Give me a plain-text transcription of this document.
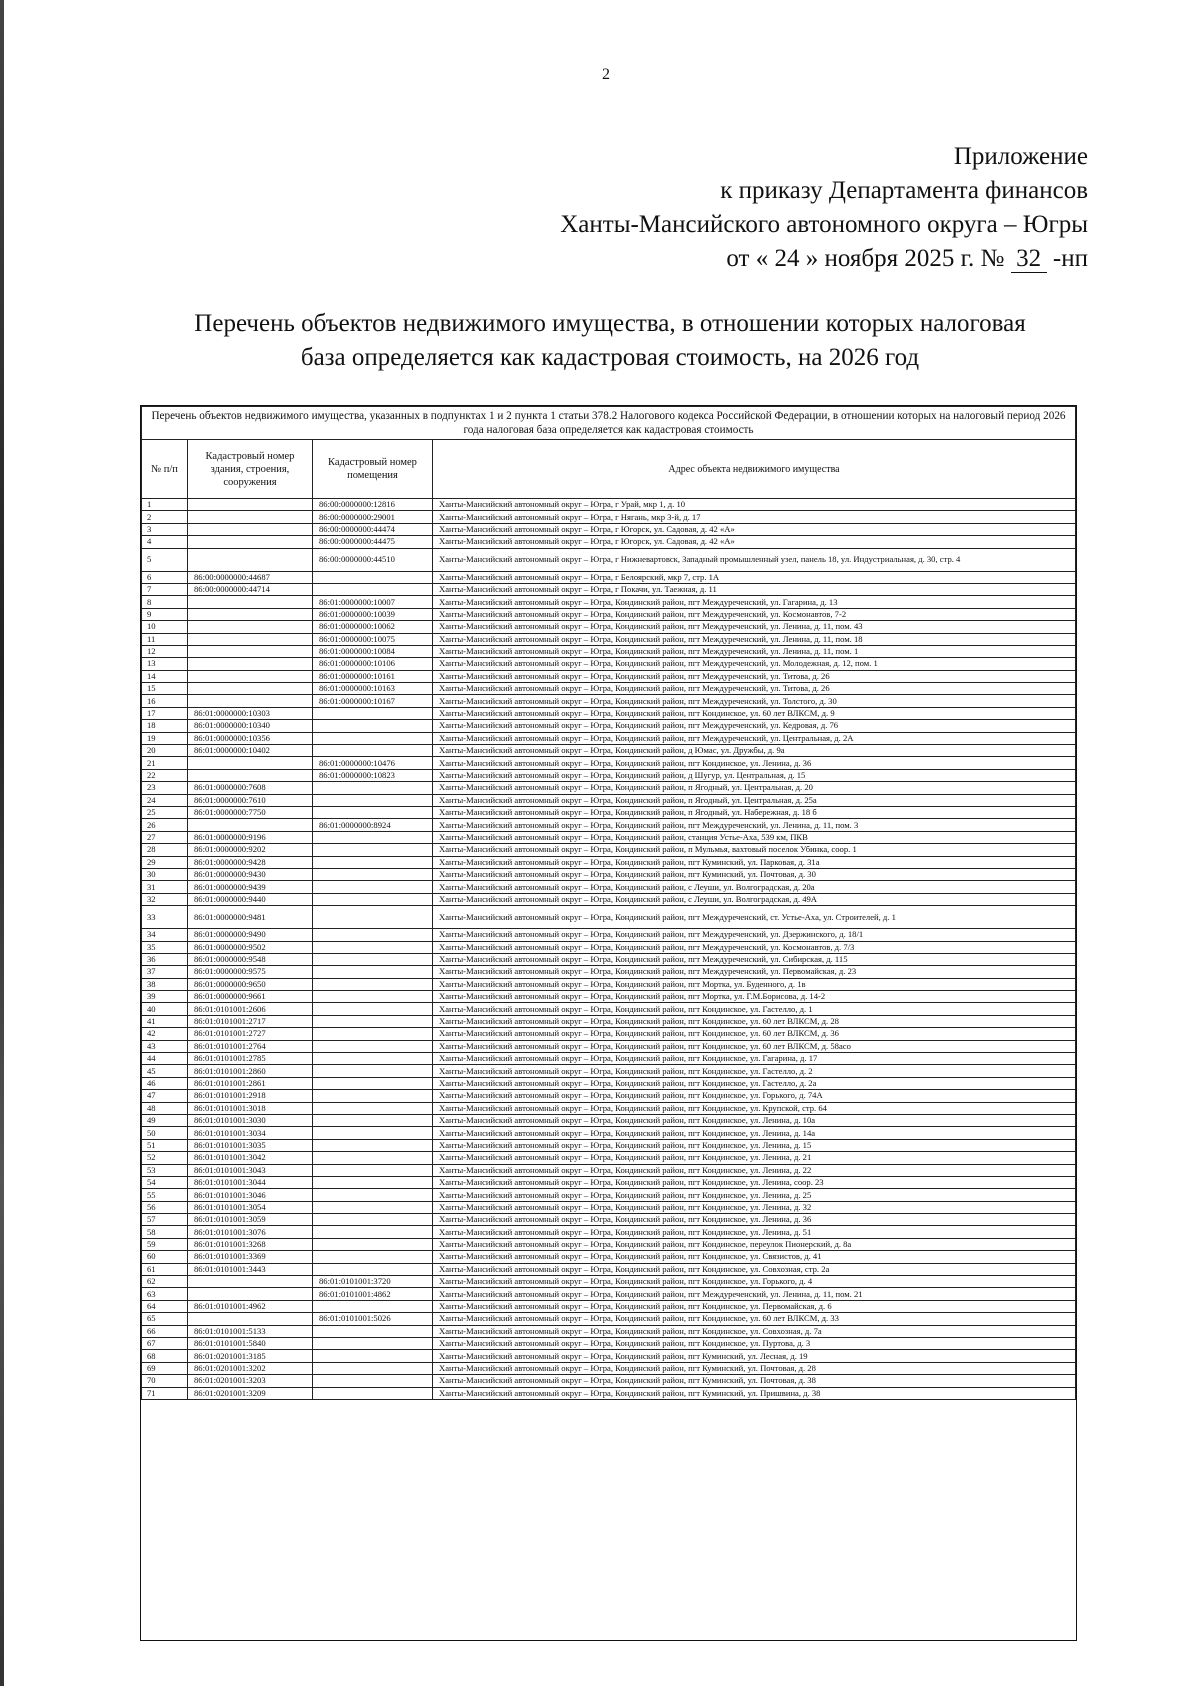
2
Приложение
к приказу Департамента финансов
Ханты-Мансийского автономного округа – Югры
от « 24 » ноября 2025 г. № 32 -нп
Перечень объектов недвижимого имущества, в отношении которых налоговая
база определяется как кадастровая стоимость, на 2026 год
Перечень объектов недвижимого имущества, указанных в подпунктах 1 и 2 пункта 1 статьи 378.2 Налогового кодекса Российской Федерации, в отношении которых на налоговый период 2026 года налоговая база определяется как кадастровая стоимость			
№ п/п	Кадастровый номер здания, строения, сооружения	Кадастровый номер помещения	Адрес объекта недвижимого имущества
1		86:00:0000000:12816	Ханты-Мансийский автономный округ – Югра, г Урай, мкр 1, д. 10
2		86:00:0000000:29001	Ханты-Мансийский автономный округ – Югра, г Нягань, мкр 3-й, д. 17
3		86:00:0000000:44474	Ханты-Мансийский автономный округ – Югра, г Югорск, ул. Садовая, д. 42 «А»
4		86:00:0000000:44475	Ханты-Мансийский автономный округ – Югра, г Югорск, ул. Садовая, д. 42 «А»
5		86:00:0000000:44510	Ханты-Мансийский автономный округ – Югра, г Нижневартовск, Западный промышленный узел, панель 18, ул. Индустриальная, д. 30, стр. 4
6	86:00:0000000:44687		Ханты-Мансийский автономный округ – Югра, г Белоярский, мкр 7, стр. 1А
7	86:00:0000000:44714		Ханты-Мансийский автономный округ – Югра, г Покачи, ул. Таежная, д. 11
8		86:01:0000000:10007	Ханты-Мансийский автономный округ – Югра, Кондинский район, пгт Междуреченский, ул. Гагарина, д. 13
9		86:01:0000000:10039	Ханты-Мансийский автономный округ – Югра, Кондинский район, пгт Междуреченский, ул. Космонавтов, 7-2
10		86:01:0000000:10062	Ханты-Мансийский автономный округ – Югра, Кондинский район, пгт Междуреченский, ул. Ленина, д. 11, пом. 43
11		86:01:0000000:10075	Ханты-Мансийский автономный округ – Югра, Кондинский район, пгт Междуреченский, ул. Ленина, д. 11, пом. 18
12		86:01:0000000:10084	Ханты-Мансийский автономный округ – Югра, Кондинский район, пгт Междуреченский, ул. Ленина, д. 11, пом. 1
13		86:01:0000000:10106	Ханты-Мансийский автономный округ – Югра, Кондинский район, пгт Междуреченский, ул. Молодежная, д. 12, пом. 1
14		86:01:0000000:10161	Ханты-Мансийский автономный округ – Югра, Кондинский район, пгт Междуреченский, ул. Титова, д. 26
15		86:01:0000000:10163	Ханты-Мансийский автономный округ – Югра, Кондинский район, пгт Междуреченский, ул. Титова, д. 26
16		86:01:0000000:10167	Ханты-Мансийский автономный округ – Югра, Кондинский район, пгт Междуреченский, ул. Толстого, д. 30
17	86:01:0000000:10303		Ханты-Мансийский автономный округ – Югра, Кондинский район, пгт Кондинское, ул. 60 лет ВЛКСМ, д. 9
18	86:01:0000000:10340		Ханты-Мансийский автономный округ – Югра, Кондинский район, пгт Междуреченский, ул. Кедровая, д. 76
19	86:01:0000000:10356		Ханты-Мансийский автономный округ – Югра, Кондинский район, пгт Междуреченский, ул. Центральная, д. 2А
20	86:01:0000000:10402		Ханты-Мансийский автономный округ – Югра, Кондинский район, д Юмас, ул. Дружбы, д. 9а
21		86:01:0000000:10476	Ханты-Мансийский автономный округ – Югра, Кондинский район, пгт Кондинское, ул. Ленина, д. 36
22		86:01:0000000:10823	Ханты-Мансийский автономный округ – Югра, Кондинский район, д Шугур, ул. Центральная, д. 15
23	86:01:0000000:7608		Ханты-Мансийский автономный округ – Югра, Кондинский район, п Ягодный, ул. Центральная, д. 20
24	86:01:0000000:7610		Ханты-Мансийский автономный округ – Югра, Кондинский район, п Ягодный, ул. Центральная, д. 25а
25	86:01:0000000:7750		Ханты-Мансийский автономный округ – Югра, Кондинский район, п Ягодный, ул. Набережная, д. 18 б
26		86:01:0000000:8924	Ханты-Мансийский автономный округ – Югра, Кондинский район, пгт Междуреченский, ул. Ленина, д. 11, пом. 3
27	86:01:0000000:9196		Ханты-Мансийский автономный округ – Югра, Кондинский район, станция Устье-Аха, 539 км, ПКВ
28	86:01:0000000:9202		Ханты-Мансийский автономный округ – Югра, Кондинский район, п Мульмья, вахтовый поселок Убинка, соор. 1
29	86:01:0000000:9428		Ханты-Мансийский автономный округ – Югра, Кондинский район, пгт Куминский, ул. Парковая, д. 31а
30	86:01:0000000:9430		Ханты-Мансийский автономный округ – Югра, Кондинский район, пгт Куминский, ул. Почтовая, д. 30
31	86:01:0000000:9439		Ханты-Мансийский автономный округ – Югра, Кондинский район, с Леуши, ул. Волгоградская, д. 20а
32	86:01:0000000:9440		Ханты-Мансийский автономный округ – Югра, Кондинский район, с Леуши, ул. Волгоградская, д. 49А
33	86:01:0000000:9481		Ханты-Мансийский автономный округ – Югра, Кондинский район, пгт Междуреченский, ст. Устье-Аха, ул. Строителей, д. 1
34	86:01:0000000:9490		Ханты-Мансийский автономный округ – Югра, Кондинский район, пгт Междуреченский, ул. Дзержинского, д. 18/1
35	86:01:0000000:9502		Ханты-Мансийский автономный округ – Югра, Кондинский район, пгт Междуреченский, ул. Космонавтов, д. 7/3
36	86:01:0000000:9548		Ханты-Мансийский автономный округ – Югра, Кондинский район, пгт Междуреченский, ул. Сибирская, д. 115
37	86:01:0000000:9575		Ханты-Мансийский автономный округ – Югра, Кондинский район, пгт Междуреченский, ул. Первомайская, д. 23
38	86:01:0000000:9650		Ханты-Мансийский автономный округ – Югра, Кондинский район, пгт Мортка, ул. Буденного, д. 1в
39	86:01:0000000:9661		Ханты-Мансийский автономный округ – Югра, Кондинский район, пгт Мортка, ул. Г.М.Борисова, д. 14-2
40	86:01:0101001:2606		Ханты-Мансийский автономный округ – Югра, Кондинский район, пгт Кондинское, ул. Гастелло, д. 1
41	86:01:0101001:2717		Ханты-Мансийский автономный округ – Югра, Кондинский район, пгт Кондинское, ул. 60 лет ВЛКСМ, д. 28
42	86:01:0101001:2727		Ханты-Мансийский автономный округ – Югра, Кондинский район, пгт Кондинское, ул. 60 лет ВЛКСМ, д. 36
43	86:01:0101001:2764		Ханты-Мансийский автономный округ – Югра, Кондинский район, пгт Кондинское, ул. 60 лет ВЛКСМ, д. 58асо
44	86:01:0101001:2785		Ханты-Мансийский автономный округ – Югра, Кондинский район, пгт Кондинское, ул. Гагарина, д. 17
45	86:01:0101001:2860		Ханты-Мансийский автономный округ – Югра, Кондинский район, пгт Кондинское, ул. Гастелло, д. 2
46	86:01:0101001:2861		Ханты-Мансийский автономный округ – Югра, Кондинский район, пгт Кондинское, ул. Гастелло, д. 2а
47	86:01:0101001:2918		Ханты-Мансийский автономный округ – Югра, Кондинский район, пгт Кондинское, ул. Горького, д. 74А
48	86:01:0101001:3018		Ханты-Мансийский автономный округ – Югра, Кондинский район, пгт Кондинское, ул. Крупской, стр. 64
49	86:01:0101001:3030		Ханты-Мансийский автономный округ – Югра, Кондинский район, пгт Кондинское, ул. Ленина, д. 10а
50	86:01:0101001:3034		Ханты-Мансийский автономный округ – Югра, Кондинский район, пгт Кондинское, ул. Ленина, д. 14а
51	86:01:0101001:3035		Ханты-Мансийский автономный округ – Югра, Кондинский район, пгт Кондинское, ул. Ленина, д. 15
52	86:01:0101001:3042		Ханты-Мансийский автономный округ – Югра, Кондинский район, пгт Кондинское, ул. Ленина, д. 21
53	86:01:0101001:3043		Ханты-Мансийский автономный округ – Югра, Кондинский район, пгт Кондинское, ул. Ленина, д. 22
54	86:01:0101001:3044		Ханты-Мансийский автономный округ – Югра, Кондинский район, пгт Кондинское, ул. Ленина, соор. 23
55	86:01:0101001:3046		Ханты-Мансийский автономный округ – Югра, Кондинский район, пгт Кондинское, ул. Ленина, д. 25
56	86:01:0101001:3054		Ханты-Мансийский автономный округ – Югра, Кондинский район, пгт Кондинское, ул. Ленина, д. 32
57	86:01:0101001:3059		Ханты-Мансийский автономный округ – Югра, Кондинский район, пгт Кондинское, ул. Ленина, д. 36
58	86:01:0101001:3076		Ханты-Мансийский автономный округ – Югра, Кондинский район, пгт Кондинское, ул. Ленина, д. 51
59	86:01:0101001:3268		Ханты-Мансийский автономный округ – Югра, Кондинский район, пгт Кондинское, переулок Пионерский, д. 8а
60	86:01:0101001:3369		Ханты-Мансийский автономный округ – Югра, Кондинский район, пгт Кондинское, ул. Связистов, д. 41
61	86:01:0101001:3443		Ханты-Мансийский автономный округ – Югра, Кондинский район, пгт Кондинское, ул. Совхозная, стр. 2а
62		86:01:0101001:3720	Ханты-Мансийский автономный округ – Югра, Кондинский район, пгт Кондинское, ул. Горького, д. 4
63		86:01:0101001:4862	Ханты-Мансийский автономный округ – Югра, Кондинский район, пгт Междуреченский, ул. Ленина, д. 11, пом. 21
64	86:01:0101001:4962		Ханты-Мансийский автономный округ – Югра, Кондинский район, пгт Кондинское, ул. Первомайская, д. 6
65		86:01:0101001:5026	Ханты-Мансийский автономный округ – Югра, Кондинский район, пгт Кондинское, ул. 60 лет ВЛКСМ, д. 33
66	86:01:0101001:5133		Ханты-Мансийский автономный округ – Югра, Кондинский район, пгт Кондинское, ул. Совхозная, д. 7а
67	86:01:0101001:5840		Ханты-Мансийский автономный округ – Югра, Кондинский район, пгт Кондинское, ул. Пуртова, д. 3
68	86:01:0201001:3185		Ханты-Мансийский автономный округ – Югра, Кондинский район, пгт Куминский, ул. Лесная, д. 19
69	86:01:0201001:3202		Ханты-Мансийский автономный округ – Югра, Кондинский район, пгт Куминский, ул. Почтовая, д. 28
70	86:01:0201001:3203		Ханты-Мансийский автономный округ – Югра, Кондинский район, пгт Куминский, ул. Почтовая, д. 38
71	86:01:0201001:3209		Ханты-Мансийский автономный округ – Югра, Кондинский район, пгт Куминский, ул. Пришвина, д. 38
